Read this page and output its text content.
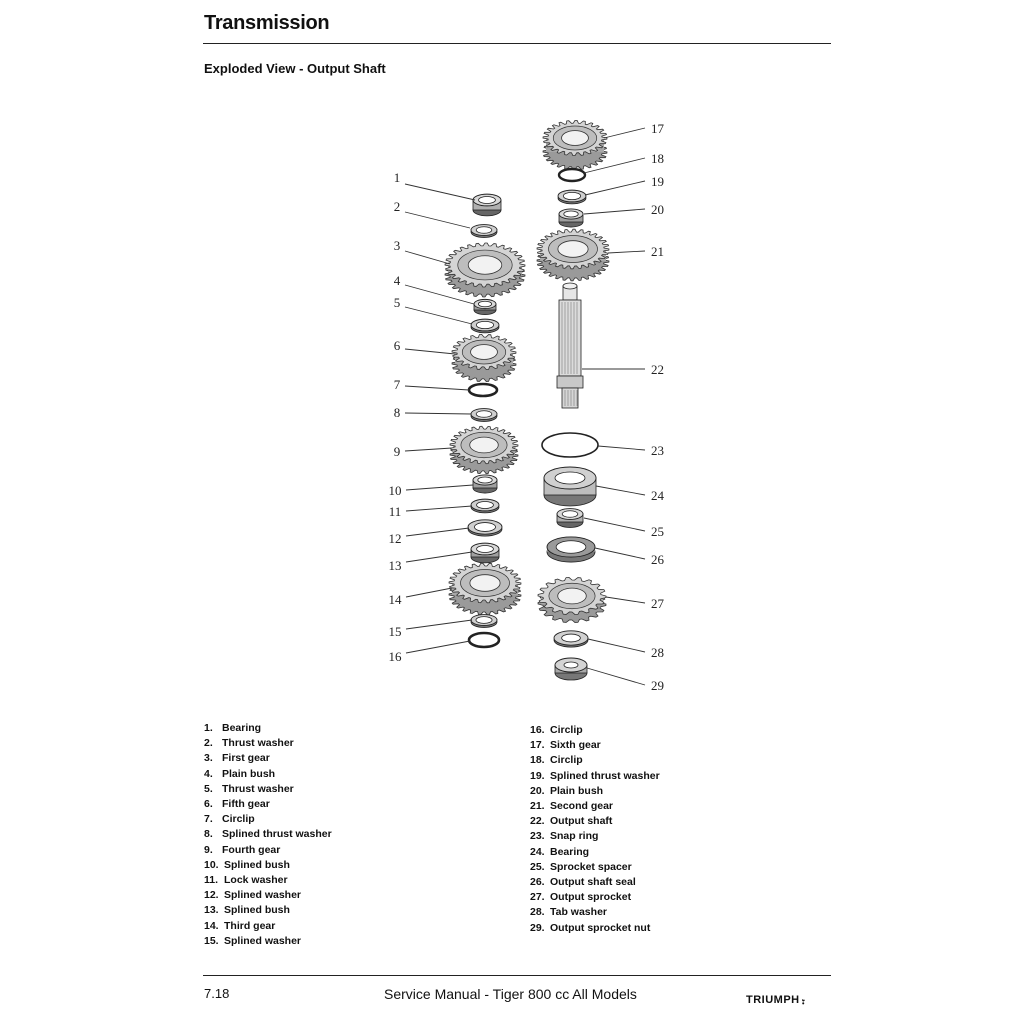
Transmission
Exploded View - Output Shaft
1
2
3
4
5
6
7
8
9
10
11
12
13
14
15
16
17
18
19
20
21
22
23
24
25
26
27
28
29
1. Bearing
2. Thrust washer
3. First gear
4. Plain bush
5. Thrust washer
6. Fifth gear
7. Circlip
8. Splined thrust washer
9. Fourth gear
10. Splined bush
11. Lock washer
12. Splined washer
13. Splined bush
14. Third gear
15. Splined washer
16. Circlip
17. Sixth gear
18. Circlip
19. Splined thrust washer
20. Plain bush
21. Second gear
22. Output shaft
23. Snap ring
24. Bearing
25. Sprocket spacer
26. Output shaft seal
27. Output sprocket
28. Tab washer
29. Output sprocket nut
7.18	Service Manual - Tiger 800 cc All Models	TRIUMPH ⹎
